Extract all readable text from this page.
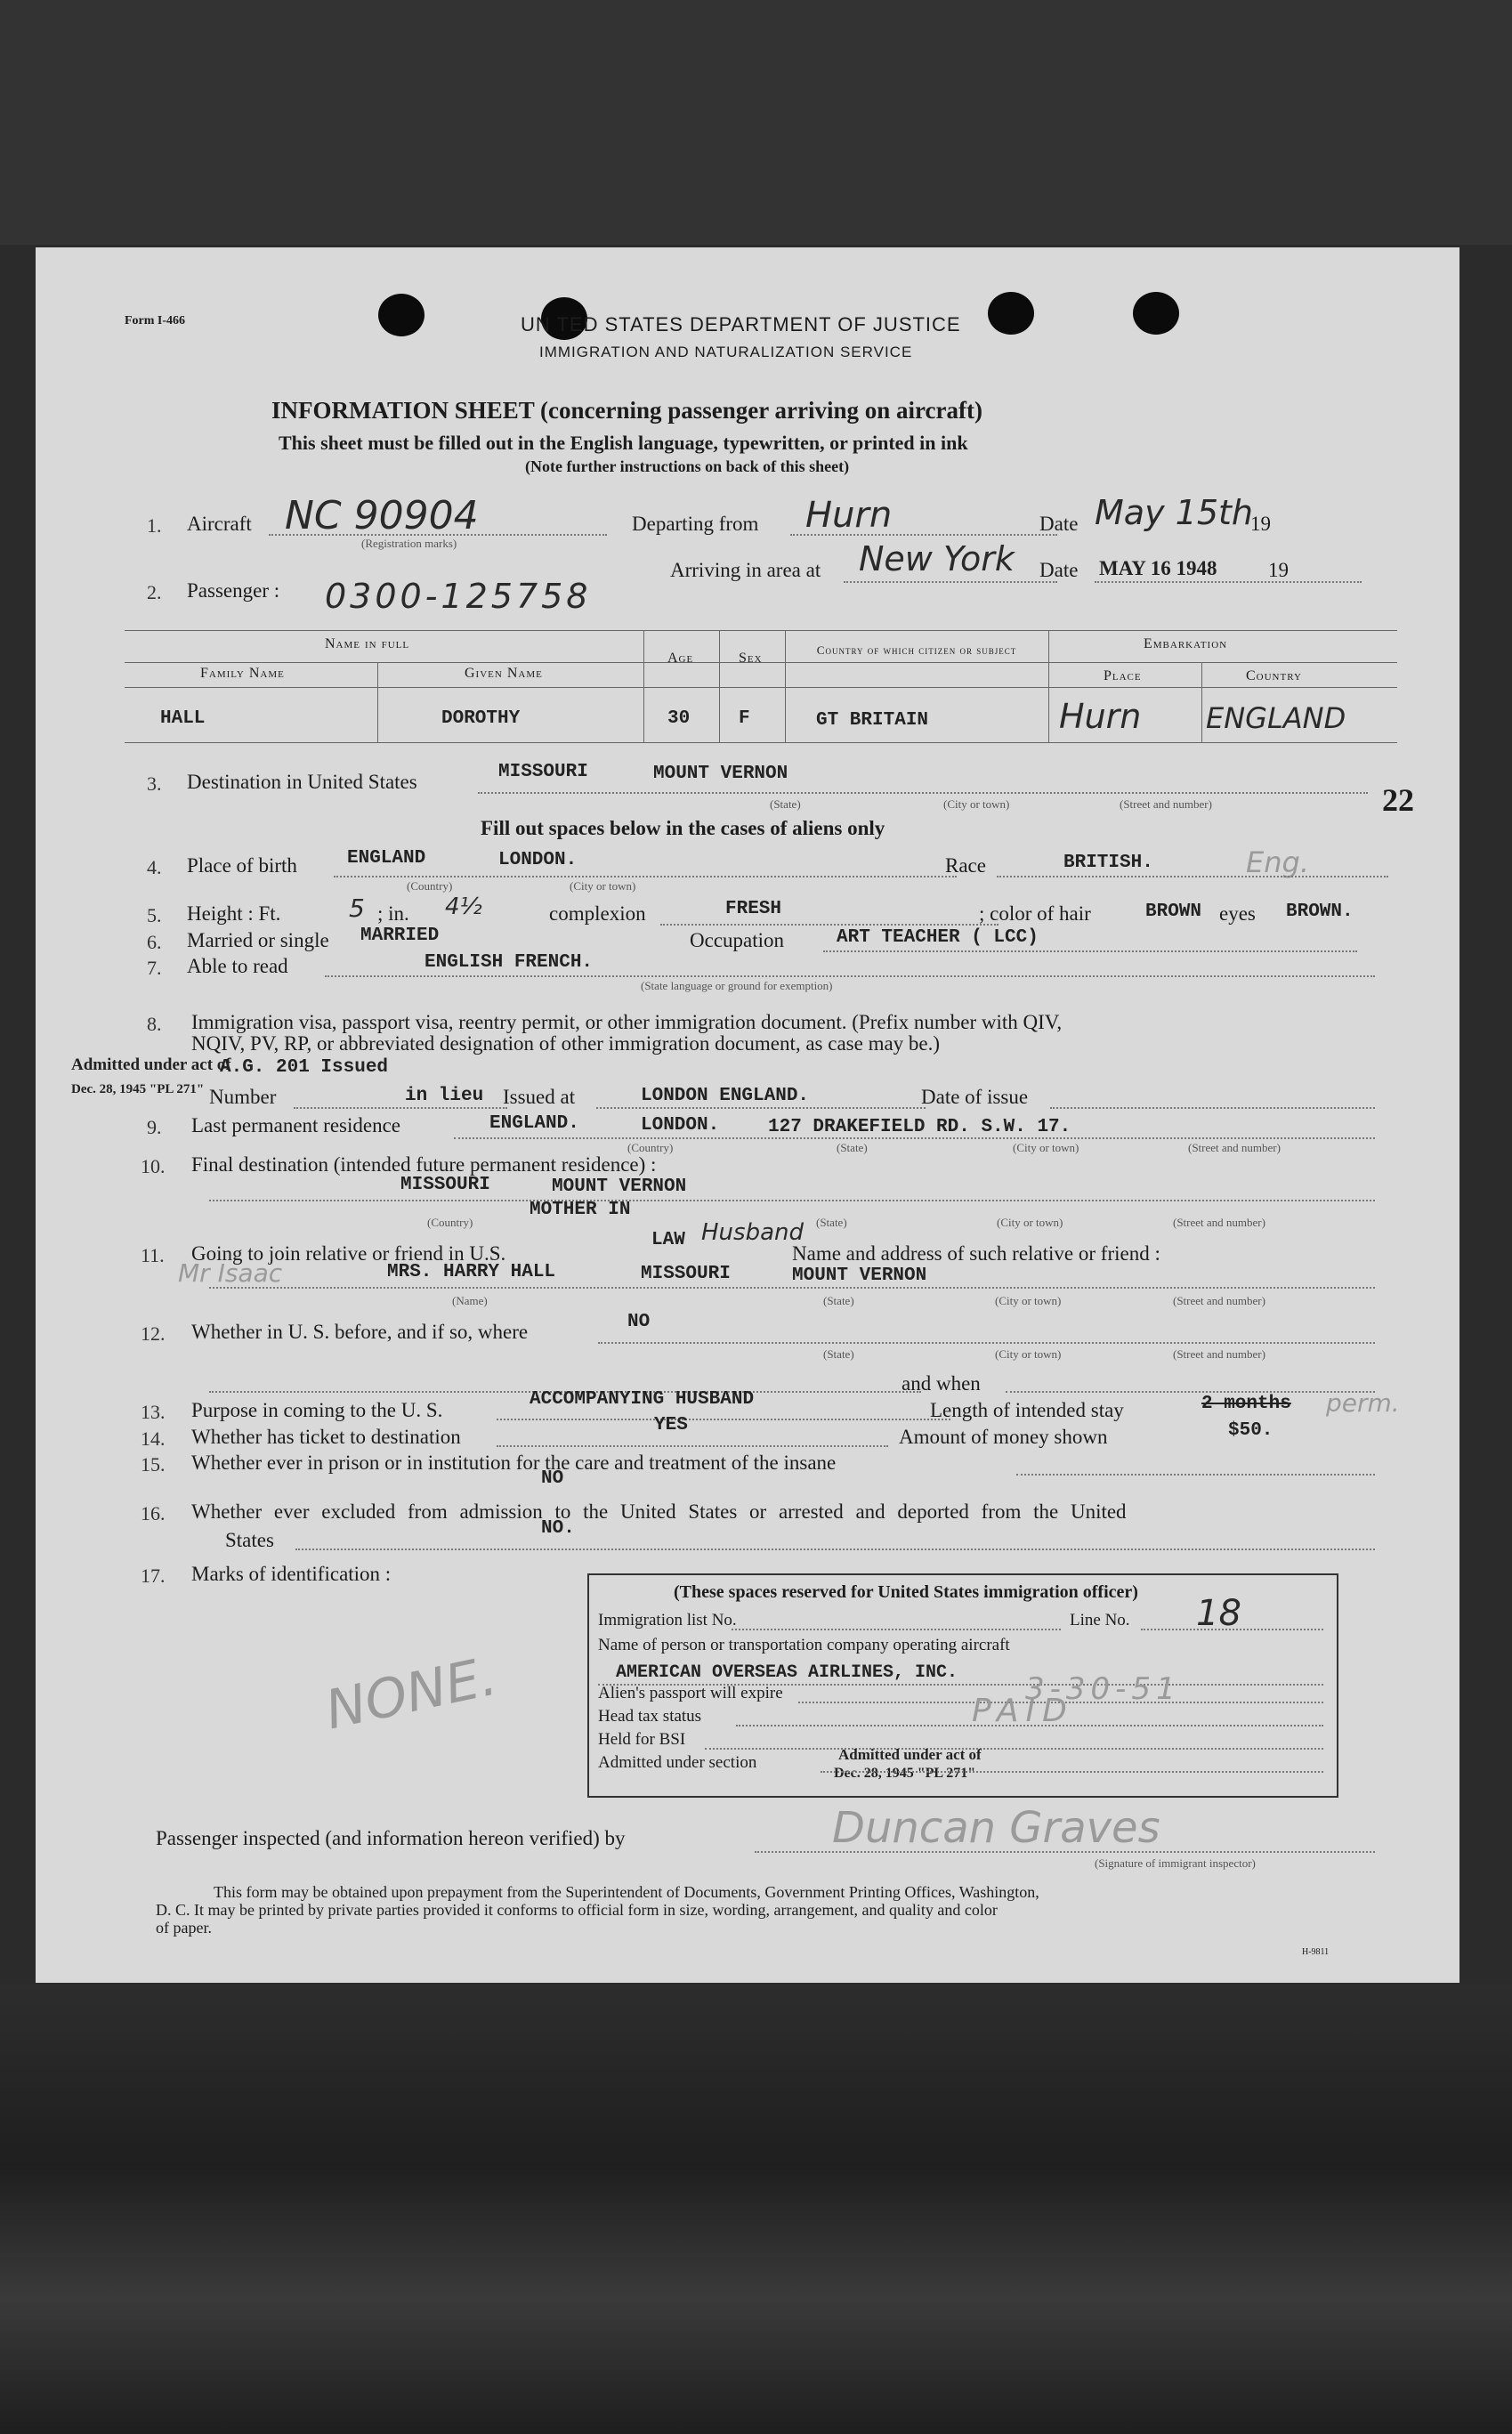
Form I-466	UN TED STATES DEPARTMENT OF JUSTICE
IMMIGRATION AND NATURALIZATION SERVICE
INFORMATION SHEET (concerning passenger arriving on aircraft)
This sheet must be filled out in the English language, typewritten, or printed in ink
(Note further instructions on back of this sheet)
1. Aircraft NC 90904
(Registration marks)
Departing from Hurn	Date May 15th
19
Arriving in area at New York Date MAY 16 1948	19
2. Passenger : 0300-125758
Name in full
Family Name	Given Name
Age	Sex
Country of which citizen or subject	Embarkation
Place	Country
HALL	DOROTHY	30	F	GT BRITAIN	Hurn ENGLAND
3. Destination in United States	MISSOURI	MOUNT VERNON
(State)	(City or town)	(Street and number)	22
Fill out spaces below in the cases of aliens only
4. Place of birth	ENGLAND	LONDON.
(Country)	(City or town)
Race	BRITISH.	Eng.
5. Height : Ft.	5 ; in. 4½	complexion	FRESH	; color of hair	BROWN eyes BROWN.
6. Married or single MARRIED	Occupation	ART TEACHER ( LCC)
7. Able to read	ENGLISH FRENCH.
(State language or ground for exemption)
8. Immigration visa, passport visa, reentry permit, or other immigration document. (Prefix number with QIV,
NQIV, PV, RP, or abbreviated designation of other immigration document, as case may be.)
Admitted under act of
Dec. 28, 1945 "PL 271"
A.G. 201 Issued
Number	in lieu Issued at	LONDON ENGLAND.	Date of issue
9. Last permanent residence	ENGLAND.	LONDON.	127 DRAKEFIELD RD. S.W. 17.
(Country)	(State)	(City or town)	(Street and number)
10. Final destination (intended future permanent residence) :
MISSOURI	MOUNT VERNON
(Country)	(State)	(City or town)	(Street and number)
MOTHER IN
11. Going to join relative or friend in U.S.
LAW Husband
Name and address of such relative or friend :
Mr Isaac	MRS. HARRY HALL	MISSOURI	MOUNT VERNON
(Name)	(State)	(City or town)	(Street and number)
12. Whether in U. S. before, and if so, where	NO
(State)	(City or town)	(Street and number)
and when
13. Purpose in coming to the U. S.	ACCOMPANYING HUSBAND	Length of intended stay	2 months perm.
14. Whether has ticket to destination
YES
Amount of money shown	$50.
15. Whether ever in prison or in institution for the care and treatment of the insane
NO
16. Whether ever excluded from admission to the United States or arrested and deported from the United
States
NO.
17. Marks of identification :
NONE.
(These spaces reserved for United States immigration officer)
Immigration list No.	Line No. 18
Name of person or transportation company operating aircraft
AMERICAN OVERSEAS AIRLINES, INC.
Alien's passport will expire	3-30-51
Head tax status	PAID
Held for BSI
Admitted under section	Admitted under act of
Dec. 28, 1945 "PL 271"
Passenger inspected (and information hereon verified) by	Duncan Graves
(Signature of immigrant inspector)
This form may be obtained upon prepayment from the Superintendent of Documents, Government Printing Offices, Washington,
D. C. It may be printed by private parties provided it conforms to official form in size, wording, arrangement, and quality and color
of paper.
H-9811
